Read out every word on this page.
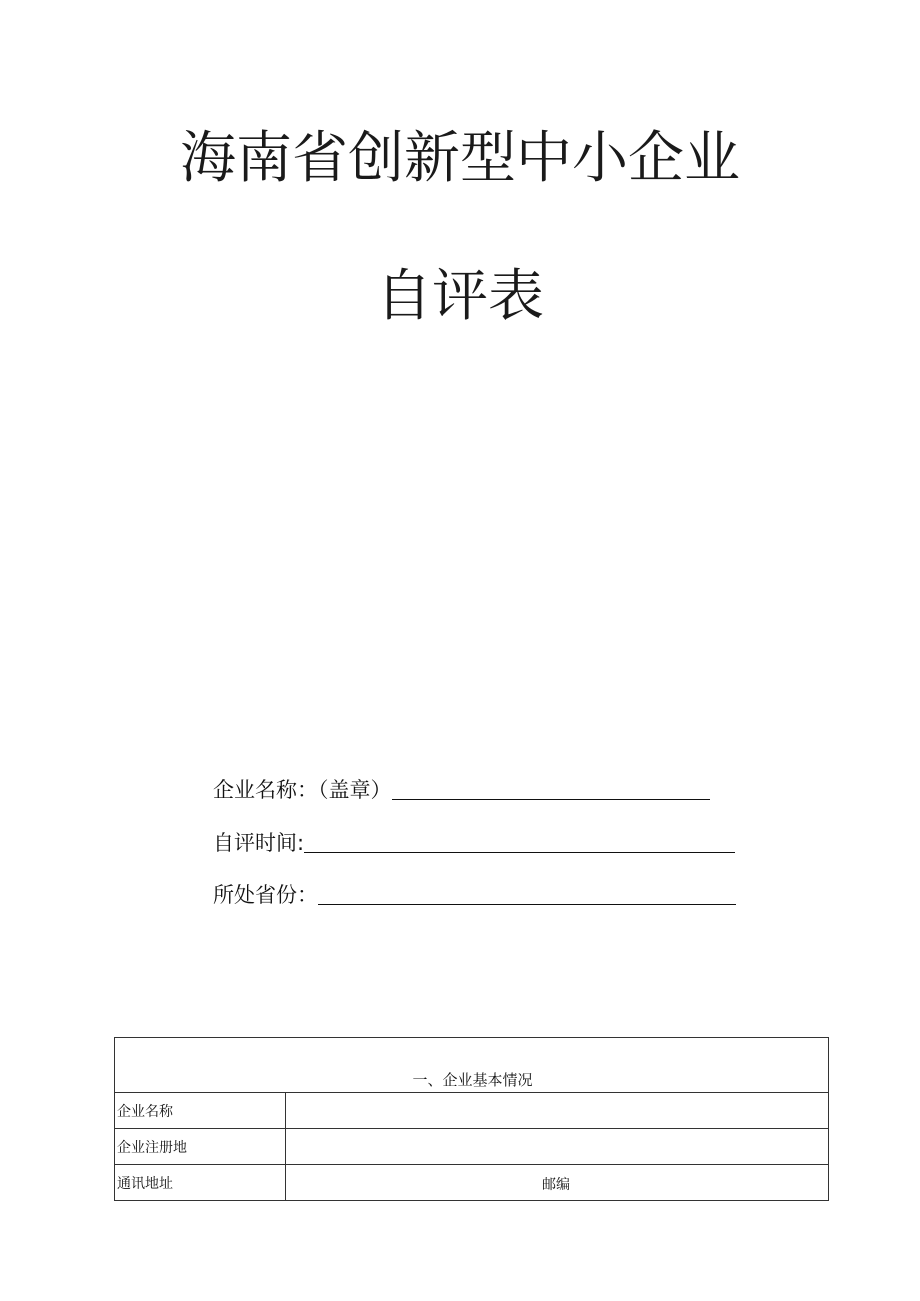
海南省创新型中小企业
自评表
企业名称：（盖章）
自评时间:
所处省份：
一、企业基本情况	
企业名称	
企业注册地	
通讯地址	邮编
